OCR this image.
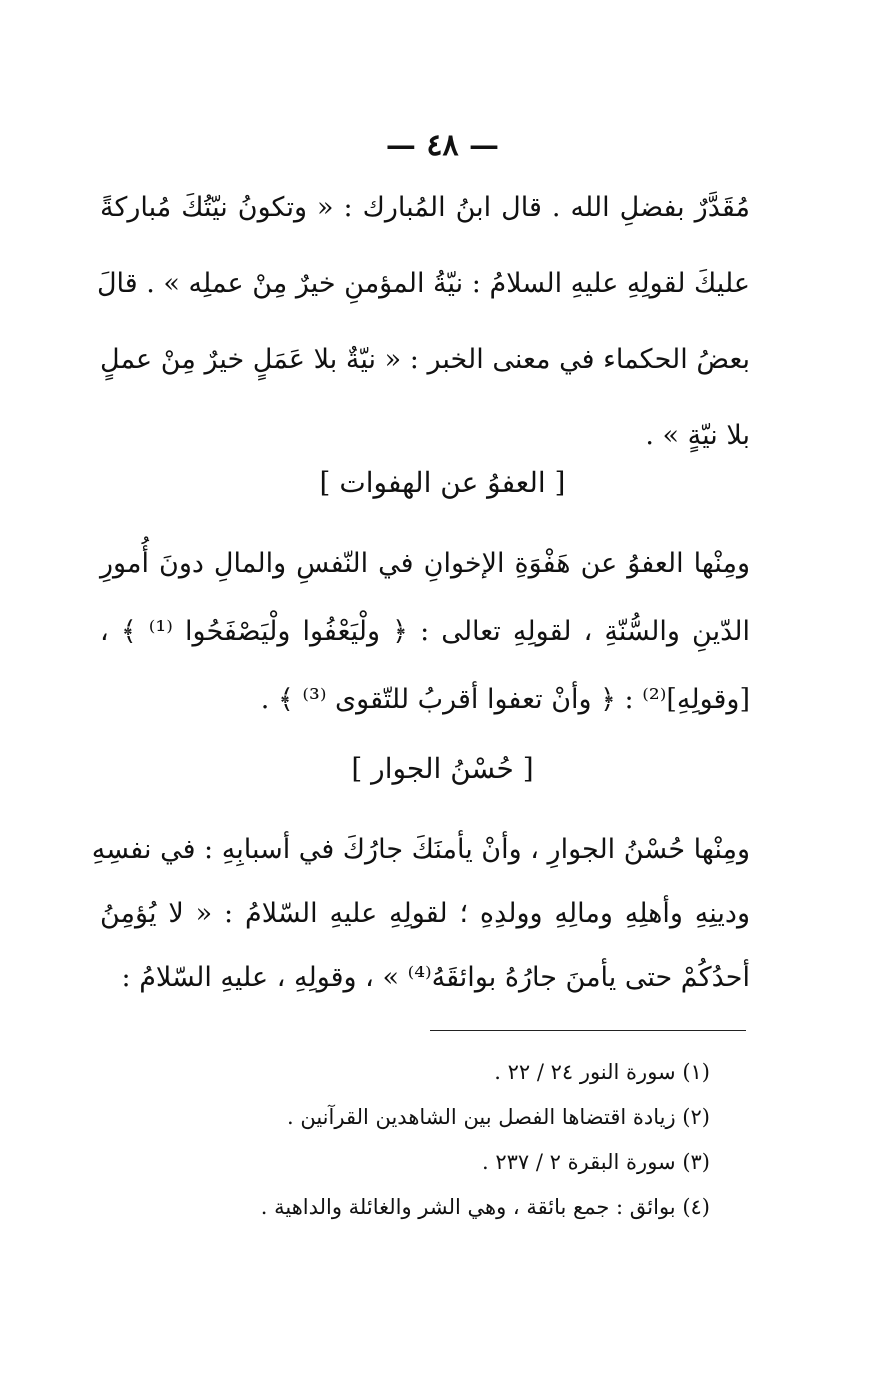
— ٤٨ —
مُقَدَّرٌ بفضلِ الله . قال ابنُ المُبارك : « وتكونُ نيّتُكَ مُباركةً
عليكَ لقولِهِ عليهِ السلامُ : نيّةُ المؤمنِ خيرٌ مِنْ عملِه » . قالَ
بعضُ الحكماء في معنى الخبر : « نيّةٌ بلا عَمَلٍ خيرٌ مِنْ عملٍ
بلا نيّةٍ » .
[ العفوُ عن الهفوات ]
ومِنْها العفوُ عن هَفْوَةِ الإخوانِ في النّفسِ والمالِ دونَ أُمورِ
الدّينِ والسُّنّةِ ، لقولِهِ تعالى : ﴿ ولْيَعْفُوا ولْيَصْفَحُوا ⁽¹⁾ ﴾ ،
[وقولِهِ]⁽²⁾ : ﴿ وأنْ تعفوا أقربُ للتّقوى ⁽³⁾ ﴾ .
[ حُسْنُ الجوار ]
ومِنْها حُسْنُ الجوارِ ، وأنْ يأمنَكَ جارُكَ في أسبابِهِ : في نفسِهِ
ودينِهِ وأهلِهِ ومالِهِ وولدِهِ ؛ لقولِهِ عليهِ السّلامُ : « لا يُؤمِنُ
أحدُكُمْ حتى يأمنَ جارُهُ بوائقَهُ⁽⁴⁾ » ، وقولِهِ ، عليهِ السّلامُ :
(١) سورة النور ٢٤ / ٢٢ .
(٢) زيادة اقتضاها الفصل بين الشاهدين القرآنين .
(٣) سورة البقرة ٢ / ٢٣٧ .
(٤) بوائق : جمع بائقة ، وهي الشر والغائلة والداهية .
